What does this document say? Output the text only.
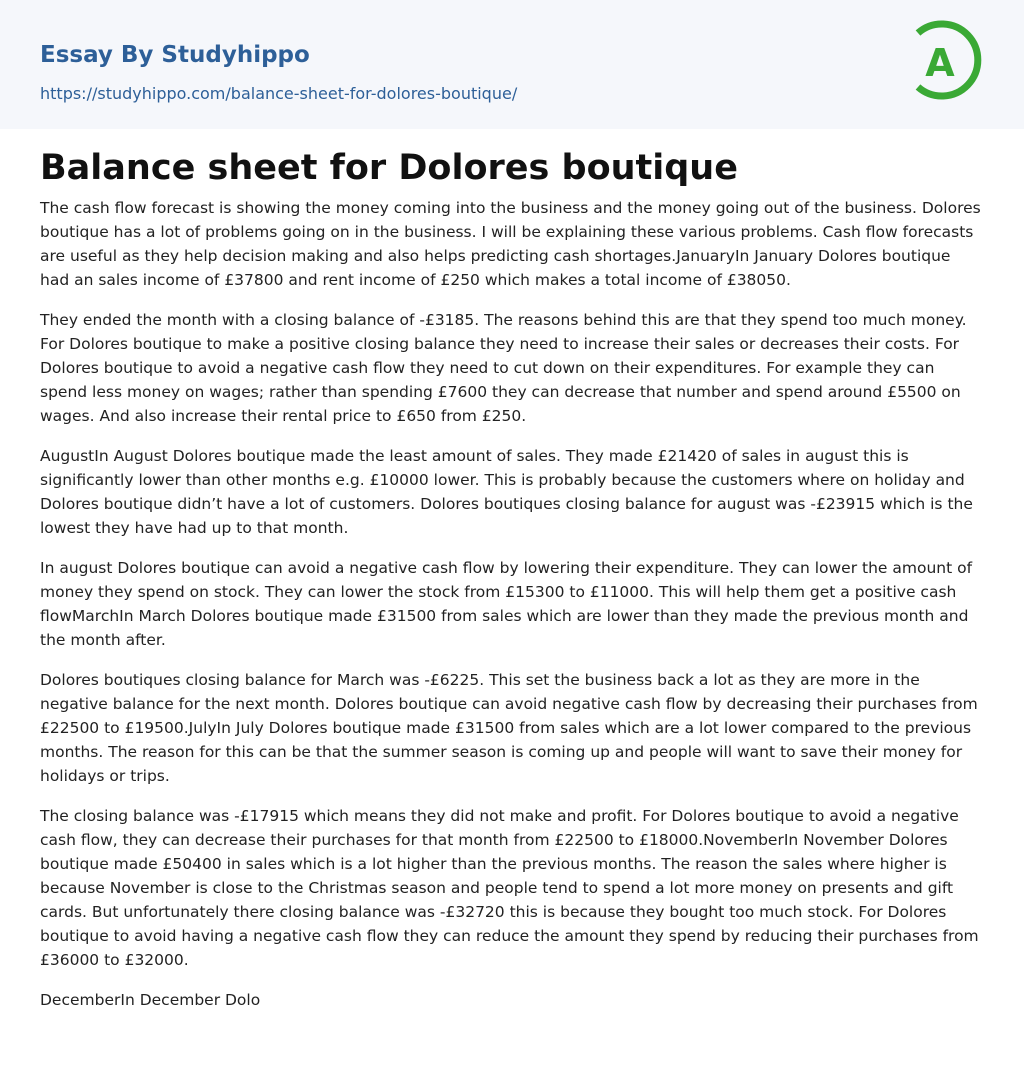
Essay By Studyhippo
https://studyhippo.com/balance-sheet-for-dolores-boutique/
A
Balance sheet for Dolores boutique

The cash flow forecast is showing the money coming into the business and the money going out of the business. Dolores boutique has a lot of problems going on in the business. I will be explaining these various problems. Cash flow forecasts are useful as they help decision making and also helps predicting cash shortages.JanuaryIn January Dolores boutique had an sales income of £37800 and rent income of £250 which makes a total income of £38050.

They ended the month with a closing balance of -£3185. The reasons behind this are that they spend too much money. For Dolores boutique to make a positive closing balance they need to increase their sales or decreases their costs. For Dolores boutique to avoid a negative cash flow they need to cut down on their expenditures. For example they can spend less money on wages; rather than spending £7600 they can decrease that number and spend around £5500 on wages. And also increase their rental price to £650 from £250.

AugustIn August Dolores boutique made the least amount of sales. They made £21420 of sales in august this is significantly lower than other months e.g. £10000 lower. This is probably because the customers where on holiday and Dolores boutique didn’t have a lot of customers. Dolores boutiques closing balance for august was -£23915 which is the lowest they have had up to that month.

In august Dolores boutique can avoid a negative cash flow by lowering their expenditure. They can lower the amount of money they spend on stock. They can lower the stock from £15300 to £11000. This will help them get a positive cash flowMarchIn March Dolores boutique made £31500 from sales which are lower than they made the previous month and the month after.

Dolores boutiques closing balance for March was -£6225. This set the business back a lot as they are more in the negative balance for the next month. Dolores boutique can avoid negative cash flow by decreasing their purchases from £22500 to £19500.JulyIn July Dolores boutique made £31500 from sales which are a lot lower compared to the previous months. The reason for this can be that the summer season is coming up and people will want to save their money for holidays or trips.

The closing balance was -£17915 which means they did not make and profit. For Dolores boutique to avoid a negative cash flow, they can decrease their purchases for that month from £22500 to £18000.NovemberIn November Dolores boutique made £50400 in sales which is a lot higher than the previous months. The reason the sales where higher is because November is close to the Christmas season and people tend to spend a lot more money on presents and gift cards. But unfortunately there closing balance was -£32720 this is because they bought too much stock. For Dolores boutique to avoid having a negative cash flow they can reduce the amount they spend by reducing their purchases from £36000 to £32000.

DecemberIn December Dolo
